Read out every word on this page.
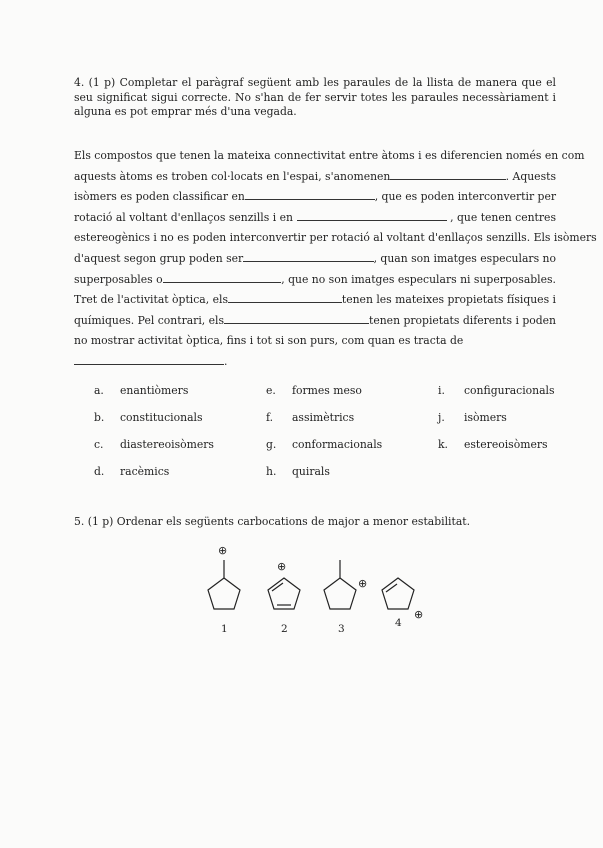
4. (1 p) Completar el paràgraf següent amb les paraules de la llista de manera que el seu significat sigui correcte. No s'han de fer servir totes les paraules necessàriament i alguna es pot emprar més d'una vegada.
Els compostos que tenen la mateixa connectivitat entre àtoms i es diferencien només en com
aquests àtoms es troben col·locats en l'espai, s'anomenen	. Aquests
isòmers es poden classificar en	, que es poden interconvertir per
rotació al voltant d'enllaços senzills i en	, que tenen centres
estereogènics i no es poden interconvertir per rotació al voltant d'enllaços senzills. Els isòmers
d'aquest segon grup poden ser	, quan son imatges especulars no
superposables o	, que no son imatges especulars ni superposables.
Tret de l'activitat òptica, els	tenen les mateixes propietats físiques i
químiques. Pel contrari, els	tenen propietats diferents i poden
no mostrar activitat òptica, fins i tot si son purs, com quan es tracta de
.
a. enantiòmers	e. formes meso	i.	configuracionals
b. constitucionals	f.	assimètrics	j.	isòmers
c. diastereoisòmers	g. conformacionals	k. estereoisòmers
d. racèmics	h. quirals
5. (1 p) Ordenar els següents carbocations de major a menor estabilitat.
⊕
⊕
⊕
⊕
1	2	3	4
